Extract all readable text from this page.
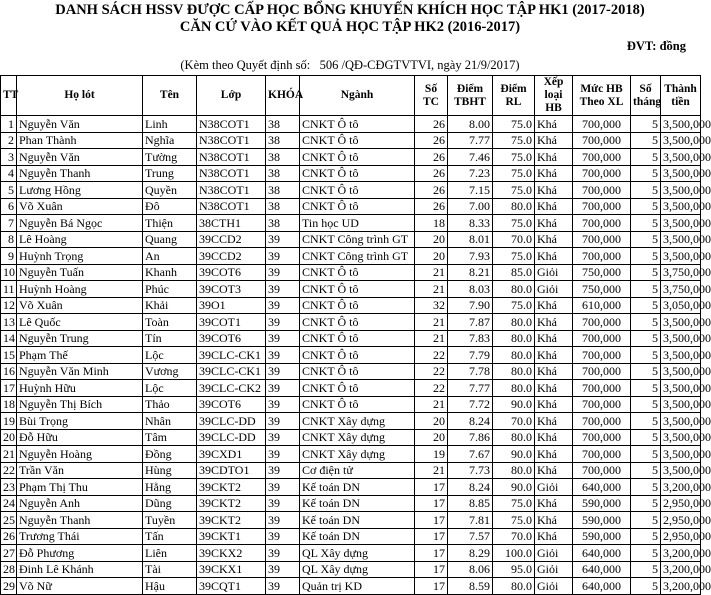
DANH SÁCH HSSV ĐƯỢC CẤP HỌC BỔNG KHUYẾN KHÍCH HỌC TẬP HK1 (2017-2018)
CĂN CỨ VÀO KẾT QUẢ HỌC TẬP HK2 (2016-2017)
ĐVT: đồng
(Kèm theo Quyết định số:   506 /QĐ-CĐGTVTVI, ngày 21/9/2017)
TT	Họ lót	Tên	Lớp	KHÓA	Ngành	Số TC	Điểm TBHT	Điểm RL	Xếp loại HB	Mức HB Theo XL	Số tháng	Thành tiền
1	Nguyễn Văn	Linh	N38COT1	38	CNKT Ô tô	26	8.00	75.0	Khá	700,000	5	3,500,000
2	Phan Thành	Nghĩa	N38COT1	38	CNKT Ô tô	26	7.77	75.0	Khá	700,000	5	3,500,000
3	Nguyễn Văn	Tường	N38COT1	38	CNKT Ô tô	26	7.46	75.0	Khá	700,000	5	3,500,000
4	Nguyễn Thanh	Trung	N38COT1	38	CNKT Ô tô	26	7.23	75.0	Khá	700,000	5	3,500,000
5	Lương Hồng	Quyền	N38COT1	38	CNKT Ô tô	26	7.15	75.0	Khá	700,000	5	3,500,000
6	Võ Xuân	Đô	N38COT1	38	CNKT Ô tô	26	7.00	80.0	Khá	700,000	5	3,500,000
7	Nguyễn Bá Ngọc	Thiện	38CTH1	38	Tin học UD	18	8.33	75.0	Khá	700,000	5	3,500,000
8	Lê Hoàng	Quang	39CCD2	39	CNKT Công trình GT	20	8.01	70.0	Khá	700,000	5	3,500,000
9	Huỳnh Trọng	An	39CCD2	39	CNKT Công trình GT	20	7.93	75.0	Khá	700,000	5	3,500,000
10	Nguyễn Tuấn	Khanh	39COT6	39	CNKT Ô tô	21	8.21	85.0	Giỏi	750,000	5	3,750,000
11	Huỳnh Hoàng	Phúc	39COT3	39	CNKT Ô tô	21	8.03	80.0	Giỏi	750,000	5	3,750,000
12	Võ Xuân	Khải	39O1	39	CNKT Ô tô	32	7.90	75.0	Khá	610,000	5	3,050,000
13	Lê Quốc	Toàn	39COT1	39	CNKT Ô tô	21	7.87	80.0	Khá	700,000	5	3,500,000
14	Nguyễn Trung	Tín	39COT6	39	CNKT Ô tô	21	7.83	80.0	Khá	700,000	5	3,500,000
15	Phạm Thế	Lộc	39CLC-CK1	39	CNKT Ô tô	22	7.79	80.0	Khá	700,000	5	3,500,000
16	Nguyễn Văn Minh	Vương	39CLC-CK1	39	CNKT Ô tô	22	7.78	80.0	Khá	700,000	5	3,500,000
17	Huỳnh Hữu	Lộc	39CLC-CK2	39	CNKT Ô tô	22	7.77	80.0	Khá	700,000	5	3,500,000
18	Nguyễn Thị Bích	Thảo	39COT6	39	CNKT Ô tô	21	7.72	90.0	Khá	700,000	5	3,500,000
19	Bùi Trọng	Nhân	39CLC-DD	39	CNKT Xây dựng	20	8.24	70.0	Khá	700,000	5	3,500,000
20	Đỗ Hữu	Tâm	39CLC-DD	39	CNKT Xây dựng	20	7.86	80.0	Khá	700,000	5	3,500,000
21	Nguyễn Hoàng	Đồng	39CXD1	39	CNKT Xây dựng	19	7.67	90.0	Khá	700,000	5	3,500,000
22	Trần Văn	Hùng	39CDTO1	39	Cơ điện tử	21	7.73	80.0	Khá	700,000	5	3,500,000
23	Phạm Thị Thu	Hằng	39CKT2	39	Kế toán DN	17	8.24	90.0	Giỏi	640,000	5	3,200,000
24	Nguyễn Anh	Dũng	39CKT2	39	Kế toán DN	17	8.85	75.0	Khá	590,000	5	2,950,000
25	Nguyễn Thanh	Tuyền	39CKT2	39	Kế toán DN	17	7.81	75.0	Khá	590,000	5	2,950,000
26	Trương Thái	Tấn	39CKT1	39	Kế toán DN	17	7.57	70.0	Khá	590,000	5	2,950,000
27	Đỗ Phương	Liên	39CKX2	39	QL Xây dựng	17	8.29	100.0	Giỏi	640,000	5	3,200,000
28	Đinh Lê Khánh	Tài	39CKX1	39	QL Xây dựng	17	8.06	95.0	Giỏi	640,000	5	3,200,000
29	Võ Nữ	Hậu	39CQT1	39	Quản trị KD	17	8.59	80.0	Giỏi	640,000	5	3,200,000
